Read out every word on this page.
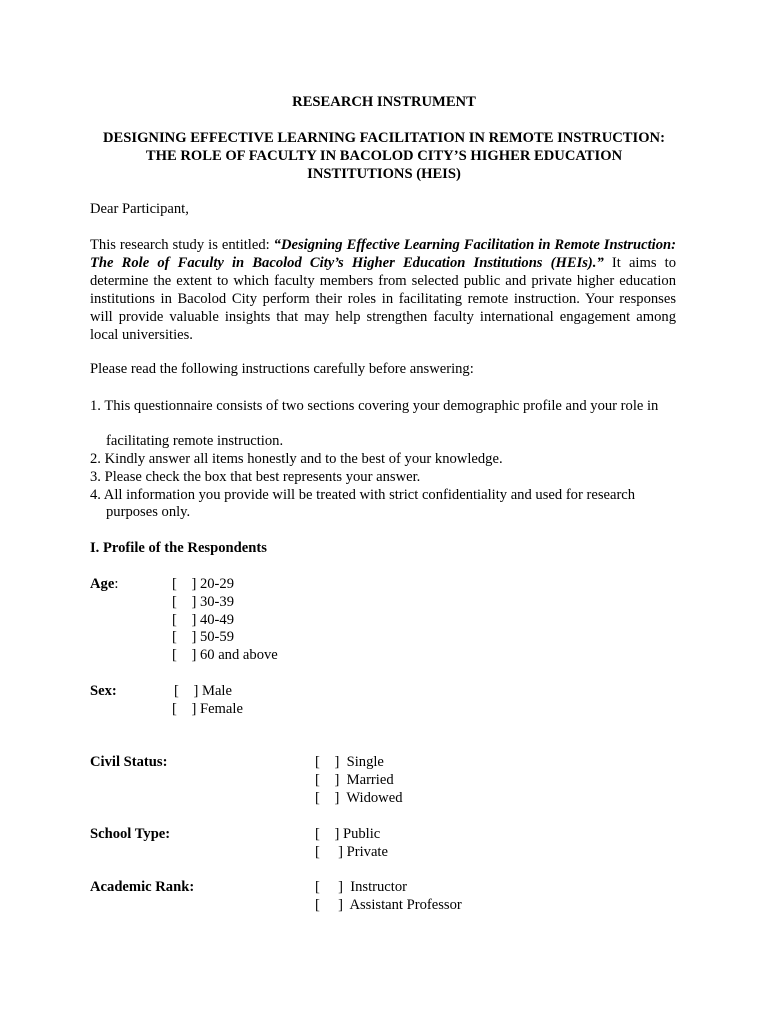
RESEARCH INSTRUMENT
DESIGNING EFFECTIVE LEARNING FACILITATION IN REMOTE INSTRUCTION:
THE ROLE OF FACULTY IN BACOLOD CITY’S HIGHER EDUCATION
INSTITUTIONS (HEIS)
Dear Participant,
This research study is entitled: “Designing Effective Learning Facilitation in Remote Instruction: The Role of Faculty in Bacolod City’s Higher Education Institutions (HEIs).” It aims to determine the extent to which faculty members from selected public and private higher education institutions in Bacolod City perform their roles in facilitating remote instruction. Your responses will provide valuable insights that may help strengthen faculty international engagement among local universities.
Please read the following instructions carefully before answering:
1. This questionnaire consists of two sections covering your demographic profile and your role in
facilitating remote instruction.
2. Kindly answer all items honestly and to the best of your knowledge.
3. Please check the box that best represents your answer.
4. All information you provide will be treated with strict confidentiality and used for research
purposes only.
I. Profile of the Respondents
Age:	[    ] 20-29
[    ] 30-39
[    ] 40-49
[    ] 50-59
[    ] 60 and above
Sex:	[    ] Male
[    ] Female
Civil Status:	[    ]  Single
[    ]  Married
[    ]  Widowed
School Type:	[    ] Public
[     ] Private
Academic Rank:	[     ]  Instructor
[     ]  Assistant Professor
